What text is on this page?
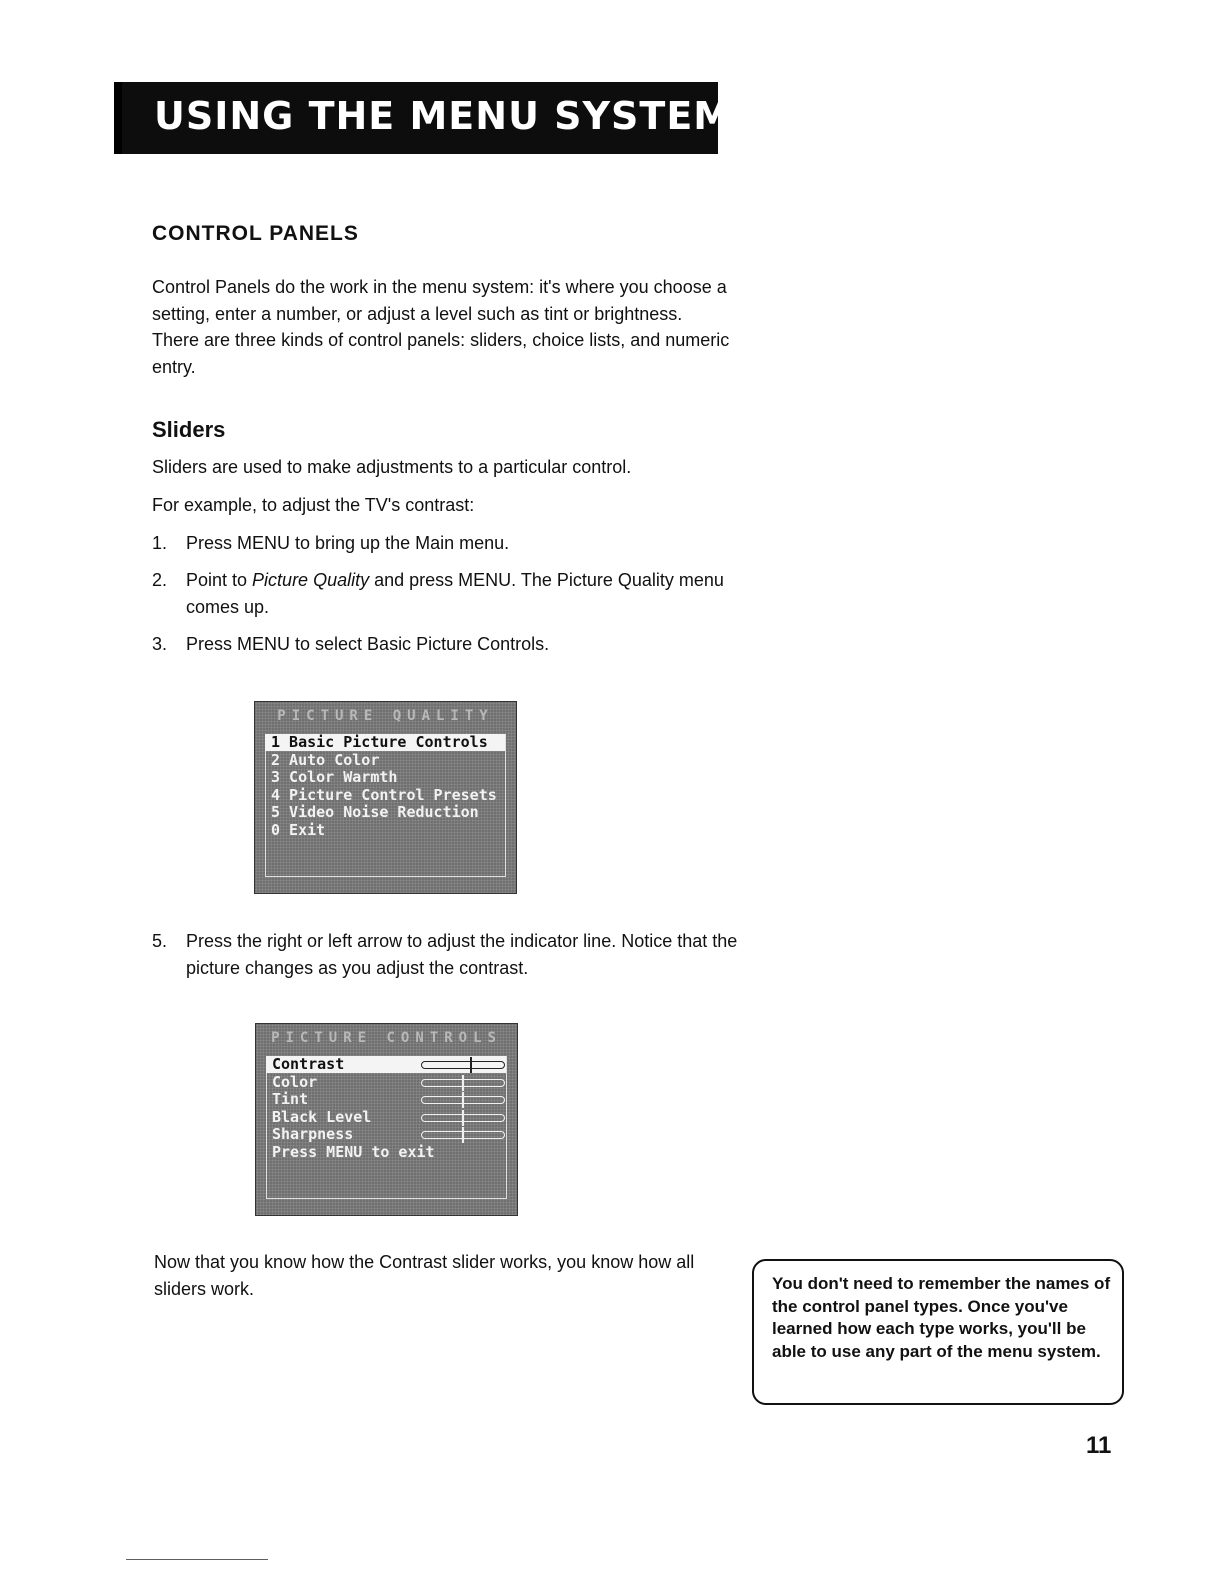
USING THE MENU SYSTEM
CONTROL PANELS
Control Panels do the work in the menu system: it's where you choose a setting, enter a number, or adjust a level such as tint or brightness. There are three kinds of control panels: sliders, choice lists, and numeric entry.
Sliders
Sliders are used to make adjustments to a particular control.
For example, to adjust the TV's contrast:
1. Press MENU to bring up the Main menu.
2. Point to Picture Quality and press MENU. The Picture Quality menu comes up.
3. Press MENU to select Basic Picture Controls.
PICTURE QUALITY
1 Basic Picture Controls
2 Auto Color
3 Color Warmth
4 Picture Control Presets
5 Video Noise Reduction
0 Exit
5. Press the right or left arrow to adjust the indicator line. Notice that the picture changes as you adjust the contrast.
PICTURE CONTROLS
Contrast
Color
Tint
Black Level
Sharpness
Press MENU to exit
Now that you know how the Contrast slider works, you know how all sliders work.	You don't need to remember the names of the control panel types. Once you've learned how each type works, you'll be able to use any part of the menu system.
11
